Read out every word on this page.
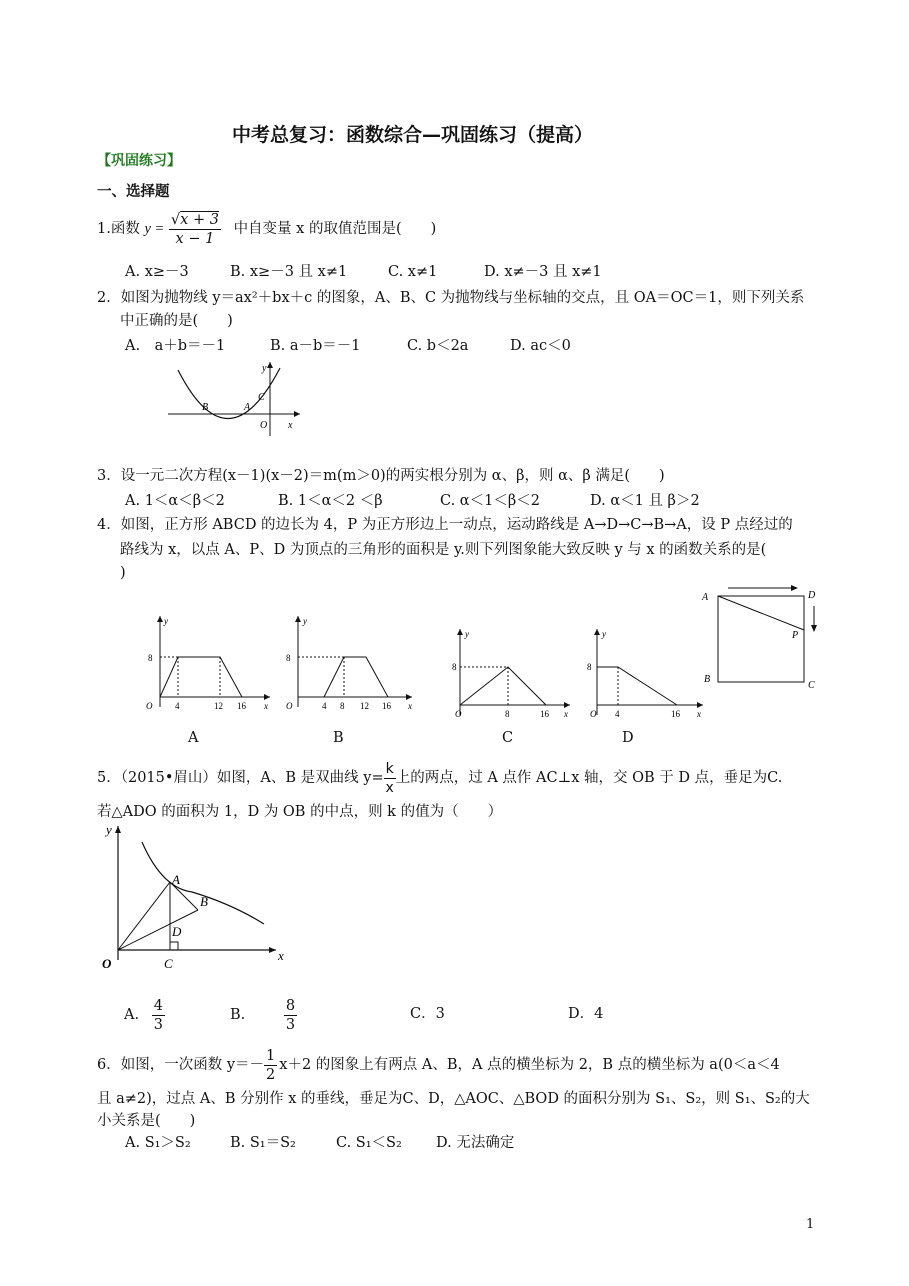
中考总复习：函数综合—巩固练习（提高）
【巩固练习】
一、选择题
1.函数 $y = \frac{√x + 3}{x - 1}$ 中自变量 x 的取值范围是(　　)
A. x≥－3	B. x≥－3 且 x≠1	C. x≠1	D. x≠－3 且 x≠1
2．如图为抛物线 y＝ax²＋bx＋c 的图象，A、B、C 为抛物线与坐标轴的交点，且 OA＝OC＝1，则下列关系
中正确的是(　　)
A.　a＋b＝－1	B. a－b＝－1	C. b＜2a	D. ac＜0
y
B	A
C
O x
3．设一元二次方程(x－1)(x－2)＝m(m＞0)的两实根分别为 α、β，则 α、β 满足(　　)
A. 1＜α＜β＜2	B. 1＜α＜2 ＜β	C. α＜1＜β＜2	D. α＜1 且 β＞2
4．如图，正方形 ABCD 的边长为 4，P 为正方形边上一动点，运动路线是 A→D→C→B→A，设 P 点经过的
路线为 x，以点 A、P、D 为顶点的三角形的面积是 y.则下列图象能大致反映 y 与 x 的函数关系的是(
)
y
8
O	4	12 16 x
y
8
O	4 8 12 16 x
y
8
O	8	16 x
y
8
O 4	16 x
A	D
P
B
C
A	B	C	D
5．（2015•眉山）如图，A、B 是双曲线 $y= \frac{k}{x}$ 上的两点，过 A 点作 AC⊥x 轴，交 OB 于 D 点，垂足为C.
若△ADO 的面积为 1，D 为 OB 的中点，则 k 的值为（　　）
y
A
B
D
O	C
x
A. $\frac{4}{3}$	B.	$\frac{8}{3}$	C．3	D．4
6．如图，一次函数 $y=- \frac{1}{2} x+2$ 的图象上有两点 A、B，A 点的横坐标为 2，B 点的横坐标为 a(0＜a＜4
且 a≠2)，过点 A、B 分别作 x 的垂线，垂足为C、D，△AOC、△BOD 的面积分别为 S₁、S₂，则 S₁、S₂的大
小关系是(　　)
A. S₁＞S₂	B. S₁＝S₂	C. S₁＜S₂ D. 无法确定
1
